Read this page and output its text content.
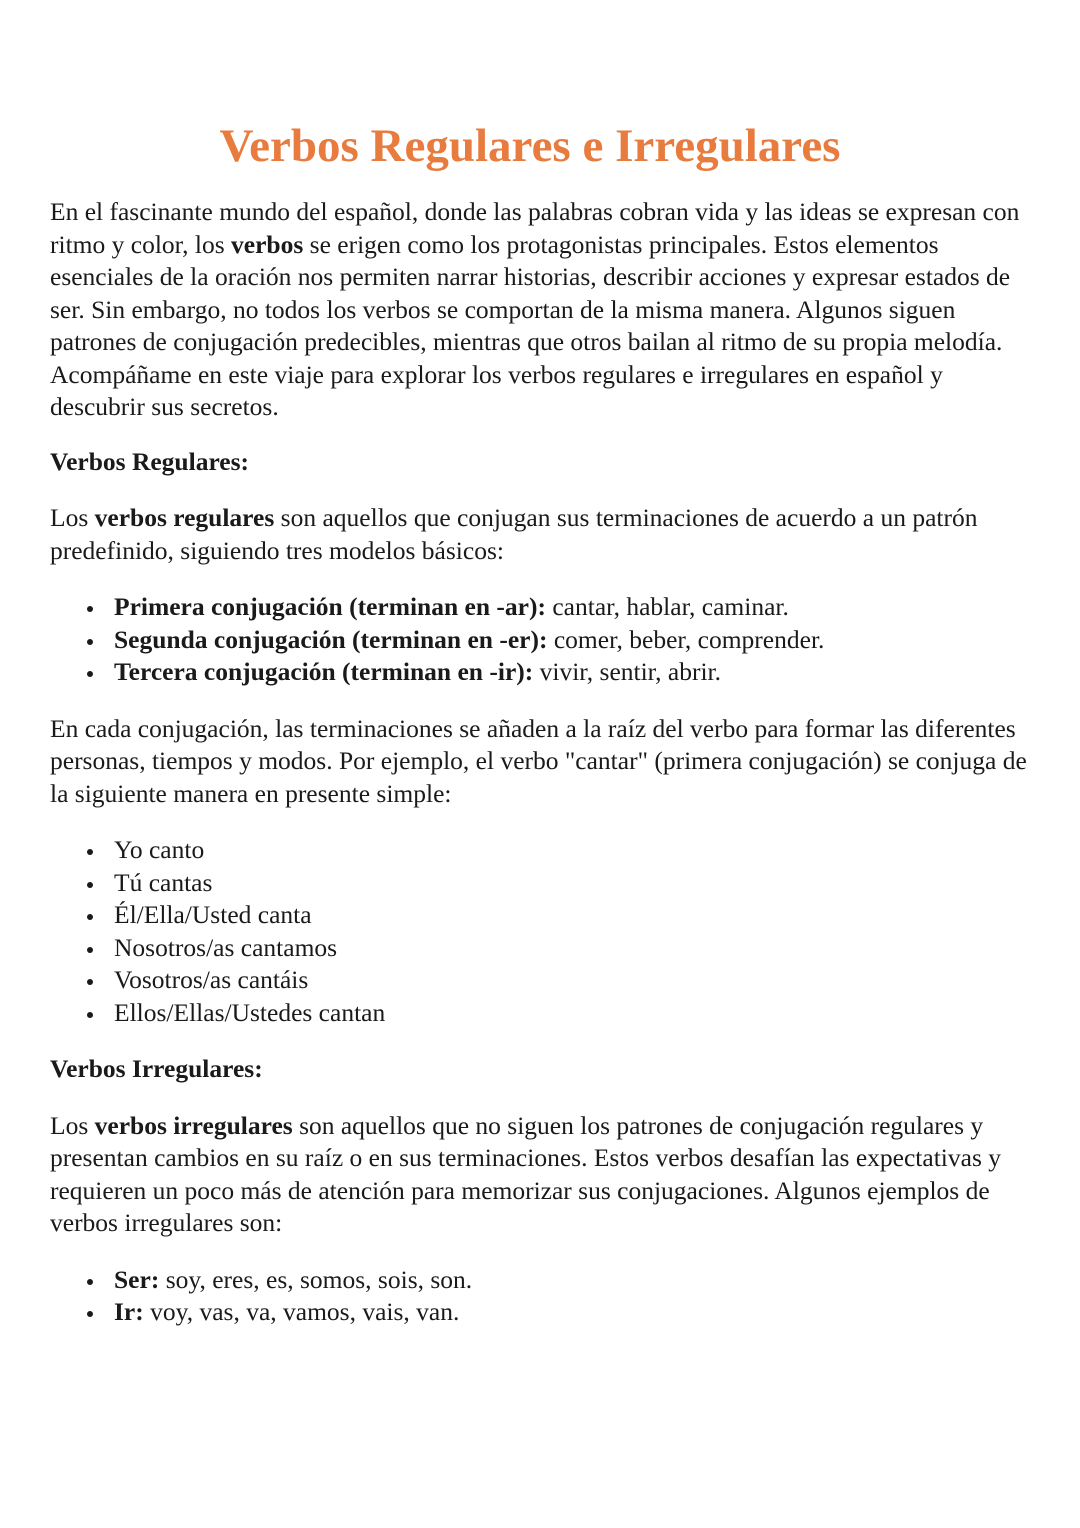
Verbos Regulares e Irregulares

En el fascinante mundo del español, donde las palabras cobran vida y las ideas se expresan con ritmo y color, los verbos se erigen como los protagonistas principales. Estos elementos esenciales de la oración nos permiten narrar historias, describir acciones y expresar estados de ser. Sin embargo, no todos los verbos se comportan de la misma manera. Algunos siguen patrones de conjugación predecibles, mientras que otros bailan al ritmo de su propia melodía. Acompáñame en este viaje para explorar los verbos regulares e irregulares en español y descubrir sus secretos.

Verbos Regulares:

Los verbos regulares son aquellos que conjugan sus terminaciones de acuerdo a un patrón predefinido, siguiendo tres modelos básicos:

Primera conjugación (terminan en -ar): cantar, hablar, caminar.
Segunda conjugación (terminan en -er): comer, beber, comprender.
Tercera conjugación (terminan en -ir): vivir, sentir, abrir.

En cada conjugación, las terminaciones se añaden a la raíz del verbo para formar las diferentes personas, tiempos y modos. Por ejemplo, el verbo "cantar" (primera conjugación) se conjuga de la siguiente manera en presente simple:

Yo canto
Tú cantas
Él/Ella/Usted canta
Nosotros/as cantamos
Vosotros/as cantáis
Ellos/Ellas/Ustedes cantan

Verbos Irregulares:

Los verbos irregulares son aquellos que no siguen los patrones de conjugación regulares y presentan cambios en su raíz o en sus terminaciones. Estos verbos desafían las expectativas y requieren un poco más de atención para memorizar sus conjugaciones. Algunos ejemplos de verbos irregulares son:

Ser: soy, eres, es, somos, sois, son.
Ir: voy, vas, va, vamos, vais, van.
